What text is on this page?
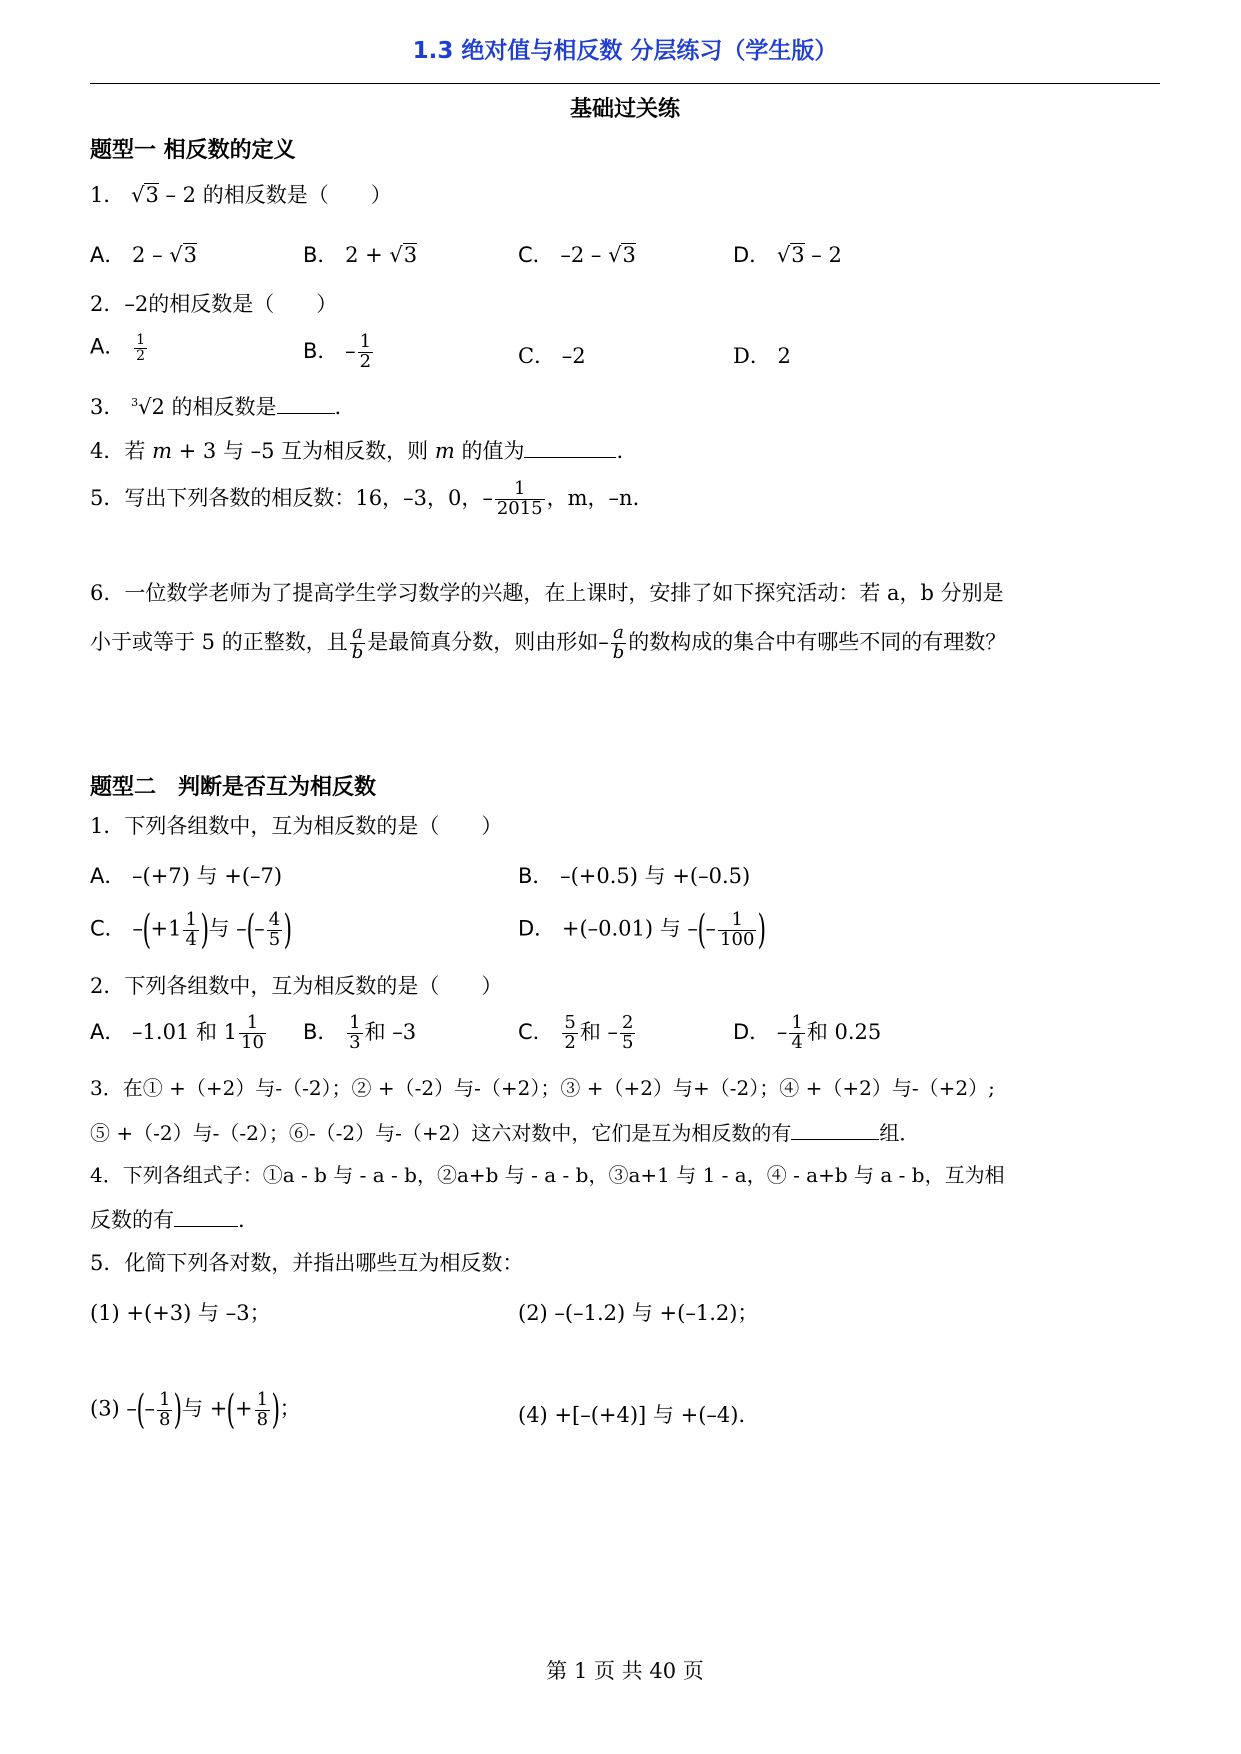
1.3 绝对值与相反数 分层练习（学生版）
基础过关练
题型一 相反数的定义
1． √3 – 2 的相反数是（　　）
A． 2 – √3	B． 2 + √3	C． –2 – √3	D． √3 – 2
2．–2的相反数是（　　）
A． $\frac{1}{2}$	B． – $\frac{1}{2}$	C． –2	D． 2
3． $^3$√2 的相反数是	.
4．若 m + 3 与 –5 互为相反数，则 m 的值为	.
5．写出下列各数的相反数：16，–3，0，– $\frac{1}{2015}$ ，m，–n．
6．一位数学老师为了提高学生学习数学的兴趣，在上课时，安排了如下探究活动：若 a，b 分别是
小于或等于 5 的正整数，且 $\frac{a}{b}$ 是最简真分数，则由形如– $\frac{a}{b}$ 的数构成的集合中有哪些不同的有理数？
题型二　判断是否互为相反数
1．下列各组数中，互为相反数的是（　　）
A． –(+7) 与 +(–7)	B． –(+0.5) 与 +(–0.5)
C． $-(+1 \frac{1}{4}$ )与 –(– $\frac{4}{5}$ )	D． +(–0.01) 与 –(– $\frac{1}{100}$ )
2．下列各组数中，互为相反数的是（　　）
A． –1.01 和 $1 \frac{1}{10}$ B． $\frac{1}{3}$ 和 –3	C． $\frac{5}{2}$ 和 – $\frac{2}{5}$	D． – $\frac{1}{4}$ 和 0.25
3．在① +（+2）与-（-2）；② +（-2）与-（+2）；③ +（+2）与+（-2）；④ +（+2）与-（+2）;
⑤ +（-2）与-（-2）；⑥-（-2）与-（+2）这六对数中，它们是互为相反数的有	组．
4．下列各组式子：①a - b 与 - a - b，②a+b 与 - a - b，③a+1 与 1 - a，④ - a+b 与 a - b，互为相
反数的有	.
5．化简下列各对数，并指出哪些互为相反数：
(1) +(+3) 与 –3；	(2) –(–1.2) 与 +(–1.2)；
(3) –(– $\frac{1}{8}$ )与 +(+ $\frac{1}{8}$ )；	(4) +[–(+4)] 与 +(–4)．
第 1 页 共 40 页
